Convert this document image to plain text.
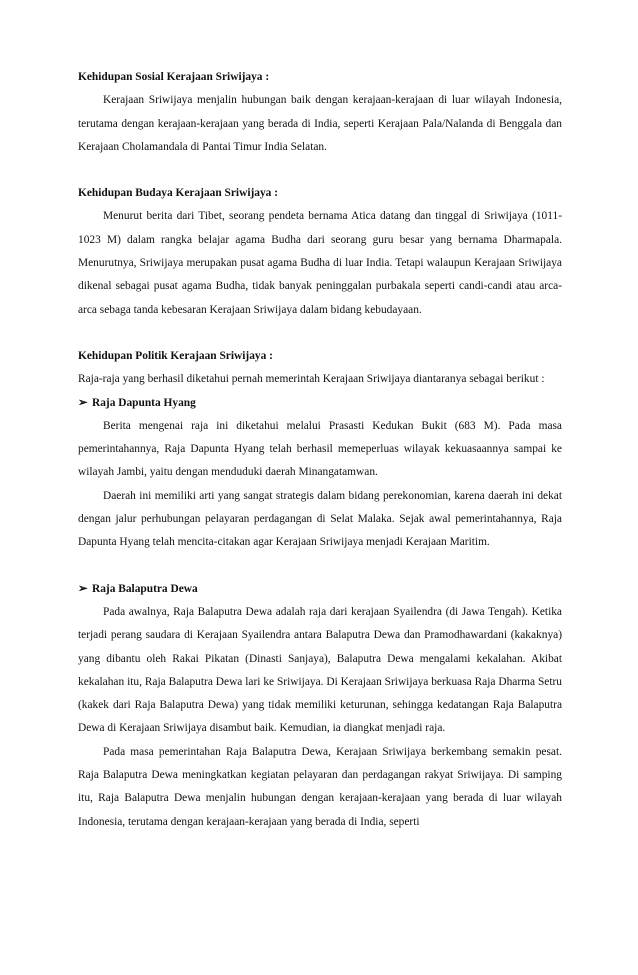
Kehidupan Sosial Kerajaan Sriwijaya :

Kerajaan Sriwijaya menjalin hubungan baik dengan kerajaan-kerajaan di luar wilayah Indonesia, terutama dengan kerajaan-kerajaan yang berada di India, seperti Kerajaan Pala/Nalanda di Benggala dan Kerajaan Cholamandala di Pantai Timur India Selatan.

Kehidupan Budaya Kerajaan Sriwijaya :

Menurut berita dari Tibet, seorang pendeta bernama Atica datang dan tinggal di Sriwijaya (1011-1023 M) dalam rangka belajar agama Budha dari seorang guru besar yang bernama Dharmapala. Menurutnya, Sriwijaya merupakan pusat agama Budha di luar India. Tetapi walaupun Kerajaan Sriwijaya dikenal sebagai pusat agama Budha, tidak banyak peninggalan purbakala seperti candi-candi atau arca-arca sebaga tanda kebesaran Kerajaan Sriwijaya dalam bidang kebudayaan.

Kehidupan Politik Kerajaan Sriwijaya :

Raja-raja yang berhasil diketahui pernah memerintah Kerajaan Sriwijaya diantaranya sebagai berikut :

➢ Raja Dapunta Hyang

Berita mengenai raja ini diketahui melalui Prasasti Kedukan Bukit (683 M). Pada masa pemerintahannya, Raja Dapunta Hyang telah berhasil memeperluas wilayak kekuasaannya sampai ke wilayah Jambi, yaitu dengan menduduki daerah Minangatamwan.

Daerah ini memiliki arti yang sangat strategis dalam bidang perekonomian, karena daerah ini dekat dengan jalur perhubungan pelayaran perdagangan di Selat Malaka. Sejak awal pemerintahannya, Raja Dapunta Hyang telah mencita-citakan agar Kerajaan Sriwijaya menjadi Kerajaan Maritim.

➢ Raja Balaputra Dewa

Pada awalnya, Raja Balaputra Dewa adalah raja dari kerajaan Syailendra (di Jawa Tengah). Ketika terjadi perang saudara di Kerajaan Syailendra antara Balaputra Dewa dan Pramodhawardani (kakaknya) yang dibantu oleh Rakai Pikatan (Dinasti Sanjaya), Balaputra Dewa mengalami kekalahan. Akibat kekalahan itu, Raja Balaputra Dewa lari ke Sriwijaya. Di Kerajaan Sriwijaya berkuasa Raja Dharma Setru (kakek dari Raja Balaputra Dewa) yang tidak memiliki keturunan, sehingga kedatangan Raja Balaputra Dewa di Kerajaan Sriwijaya disambut baik. Kemudian, ia diangkat menjadi raja.

Pada masa pemerintahan Raja Balaputra Dewa, Kerajaan Sriwijaya berkembang semakin pesat. Raja Balaputra Dewa meningkatkan kegiatan pelayaran dan perdagangan rakyat Sriwijaya. Di samping itu, Raja Balaputra Dewa menjalin hubungan dengan kerajaan-kerajaan yang berada di luar wilayah Indonesia, terutama dengan kerajaan-kerajaan yang berada di India, seperti
